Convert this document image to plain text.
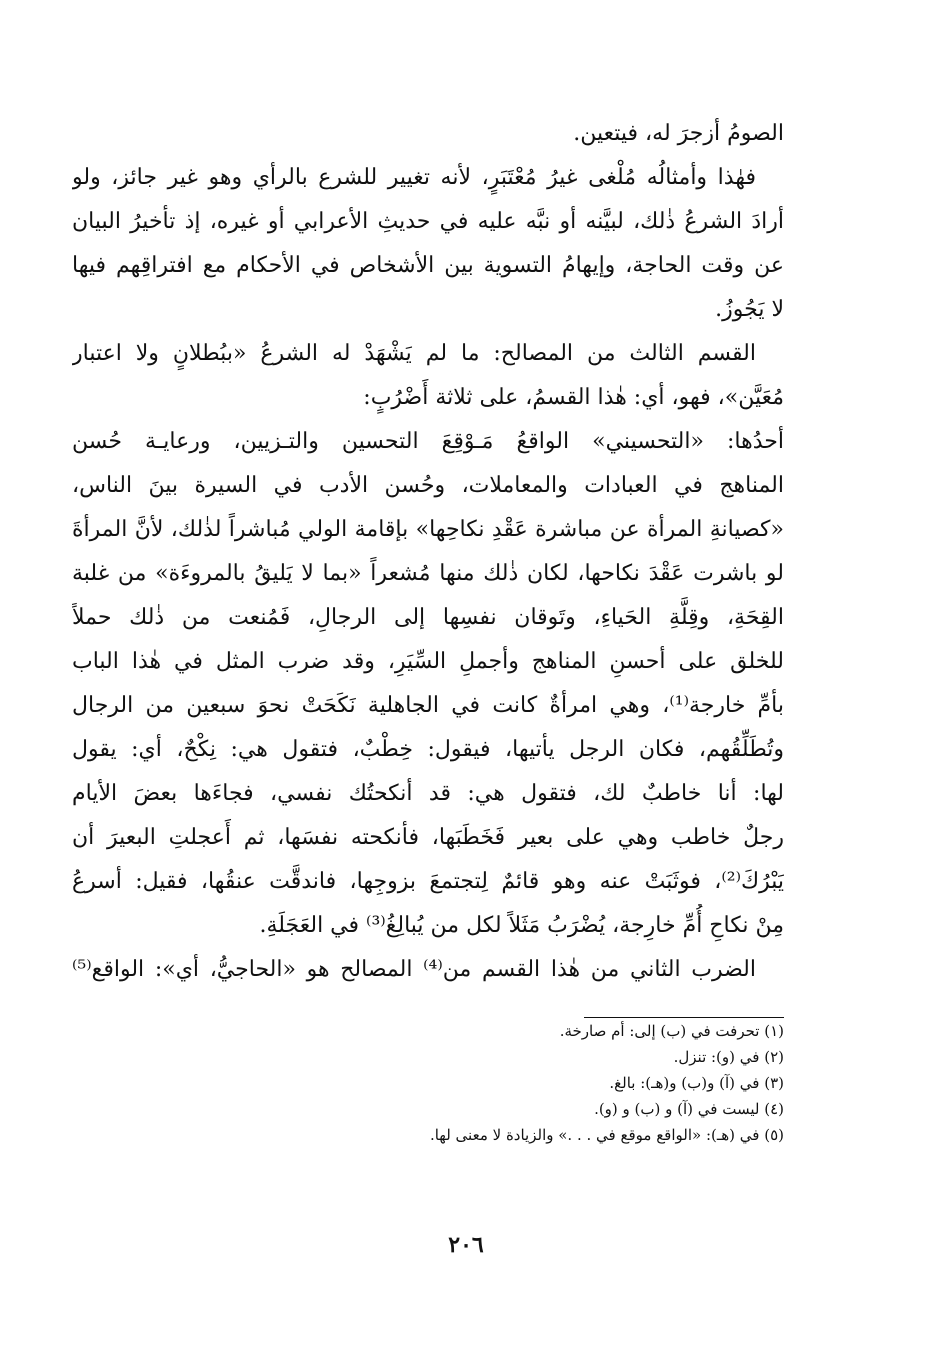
الصومُ أزجرَ له، فيتعين.
فهٰذا وأمثالُه مُلْغى غيرُ مُعْتَبَرٍ، لأنه تغيير للشرع بالرأي وهو غير جائز، ولو
أرادَ الشرعُ ذٰلك، لبيَّنه أو نبَّه عليه في حديثِ الأعرابي أو غيره، إذ تأخيرُ البيان
عن وقت الحاجة، وإيهامُ التسوية بين الأشخاص في الأحكام مع افتراقِهم فيها
لا يَجُوزُ.
القسم الثالث من المصالح: ما لم يَشْهَدْ له الشرعُ «ببُطلانٍ ولا اعتبار
مُعَيَّن»، فهو، أي: هٰذا القسمُ، على ثلاثة أَضْرُبٍ:
أحدُها: «التحسيني» الواقعُ مَـوْقِعَ التحسين والتـزيين، ورعايـة حُسن
المناهج في العبادات والمعاملات، وحُسن الأدب في السيرة بينَ الناس،
«كصيانةِ المرأة عن مباشرة عَقْدِ نكاحِها» بإقامة الولي مُباشراً لذٰلك، لأنَّ المرأةَ
لو باشرت عَقْدَ نكاحها، لكان ذٰلك منها مُشعراً «بما لا يَليقُ بالمروءَة» من غلبة
القِحَةِ، وقِلَّةِ الحَياءِ، وتَوقان نفسِها إلى الرجالِ، فَمُنعت من ذٰلك حملاً
للخلق على أحسنِ المناهج وأجملِ السِّيَرِ، وقد ضرب المثل في هٰذا الباب
بأمِّ خارجة⁽¹⁾، وهي امرأةٌ كانت في الجاهلية نَكَحَتْ نحوَ سبعين من الرجال
وتُطَلِّقُهم، فكان الرجل يأتيها، فيقول: خِطْبٌ، فتقول هي: نِكْحٌ، أي: يقول
لها: أنا خاطبٌ لك، فتقول هي: قد أنكحتُك نفسي، فجاءَها بعضَ الأيام
رجلٌ خاطب وهي على بعير فَخَطَبَها، فأنكحته نفسَها، ثم أَعجلتِ البعيرَ أن
يَبْرُكَ⁽²⁾، فوثَبَتْ عنه وهو قائمٌ لِتجتمعَ بزوجِها، فاندقَّت عنقُها، فقيل: أسرعُ
مِنْ نكاحِ أُمِّ خارِجة، يُضْرَبُ مَثَلاً لكل من يُبالِغُ⁽³⁾ في العَجَلَةِ.
الضرب الثاني من هٰذا القسم من⁽⁴⁾ المصالح هو «الحاجيُّ، أي»: الواقع⁽⁵⁾
(١) تحرفت في (ب) إلى: أم صارخة.
(٢) في (و): تنزل.
(٣) في (آ) و(ب) و(هـ): بالغ.
(٤) ليست في (آ) و (ب) و (و).
(٥) في (هـ): «الواقع موقع في . . .» والزيادة لا معنى لها.
٢٠٦
